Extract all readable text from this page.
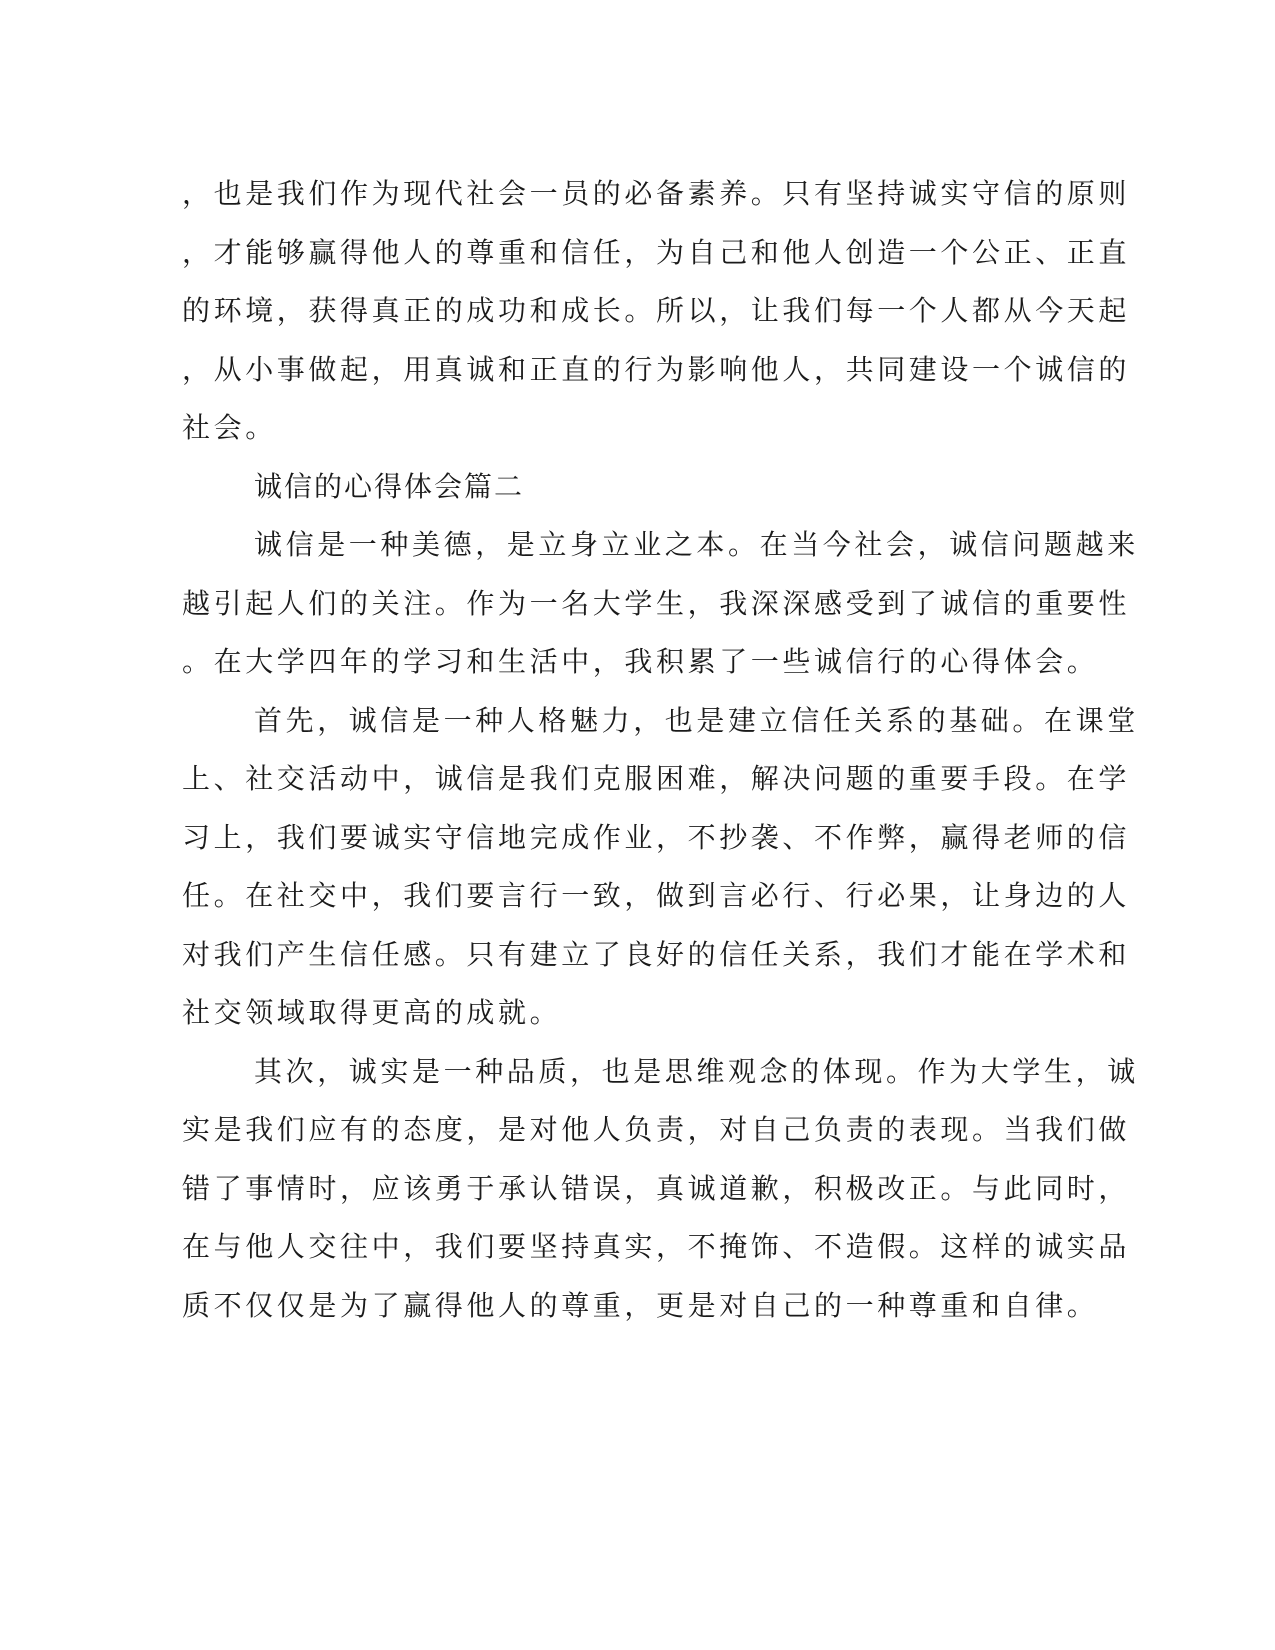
，也是我们作为现代社会一员的必备素养。只有坚持诚实守信的原则
，才能够赢得他人的尊重和信任，为自己和他人创造一个公正、正直
的环境，获得真正的成功和成长。所以，让我们每一个人都从今天起
，从小事做起，用真诚和正直的行为影响他人，共同建设一个诚信的
社会。
诚信的心得体会篇二
诚信是一种美德，是立身立业之本。在当今社会，诚信问题越来
越引起人们的关注。作为一名大学生，我深深感受到了诚信的重要性
。在大学四年的学习和生活中，我积累了一些诚信行的心得体会。
首先，诚信是一种人格魅力，也是建立信任关系的基础。在课堂
上、社交活动中，诚信是我们克服困难，解决问题的重要手段。在学
习上，我们要诚实守信地完成作业，不抄袭、不作弊，赢得老师的信
任。在社交中，我们要言行一致，做到言必行、行必果，让身边的人
对我们产生信任感。只有建立了良好的信任关系，我们才能在学术和
社交领域取得更高的成就。
其次，诚实是一种品质，也是思维观念的体现。作为大学生，诚
实是我们应有的态度，是对他人负责，对自己负责的表现。当我们做
错了事情时，应该勇于承认错误，真诚道歉，积极改正。与此同时，
在与他人交往中，我们要坚持真实，不掩饰、不造假。这样的诚实品
质不仅仅是为了赢得他人的尊重，更是对自己的一种尊重和自律。
